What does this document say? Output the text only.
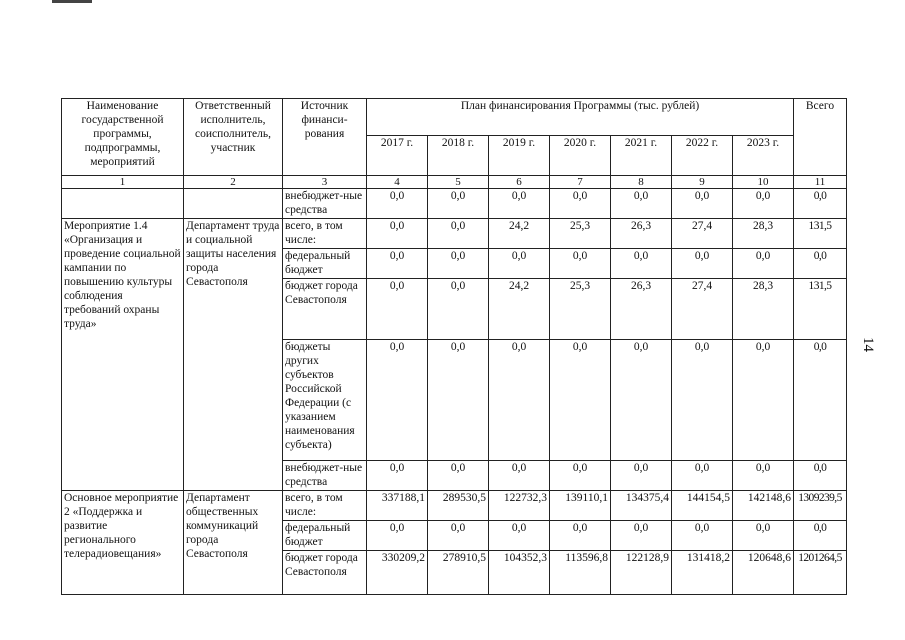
Наименование государственной программы, подпрограммы, мероприятий	Ответственный исполнитель, соисполнитель, участник	Источник финанси-рования	План финансирования Программы (тыс. рублей)							Всего
			2017 г.	2018 г.	2019 г.	2020 г.	2021 г.	2022 г.	2023 г.	
1	2	3	4	5	6	7	8	9	10	11
		внебюджет-ные средства	0,0	0,0	0,0	0,0	0,0	0,0	0,0	0,0
Мероприятие 1.4 «Организация и проведение социальной кампании по повышению культуры соблюдения требований охраны труда»	Департамент труда и социальной защиты населения города Севастополя	всего, в том числе:	0,0	0,0	24,2	25,3	26,3	27,4	28,3	131,5
		федеральный бюджет	0,0	0,0	0,0	0,0	0,0	0,0	0,0	0,0
		бюджет города Севастополя	0,0	0,0	24,2	25,3	26,3	27,4	28,3	131,5
		бюджеты других субъектов Российской Федерации (с указанием наименования субъекта)	0,0	0,0	0,0	0,0	0,0	0,0	0,0	0,0
		внебюджет-ные средства	0,0	0,0	0,0	0,0	0,0	0,0	0,0	0,0
Основное мероприятие 2 «Поддержка и развитие регионального телерадиовещания»	Департамент общественных коммуникаций города Севастополя	всего, в том числе:	337188,1	289530,5	122732,3	139110,1	134375,4	144154,5	142148,6	1309239,5
		федеральный бюджет	0,0	0,0	0,0	0,0	0,0	0,0	0,0	0,0
		бюджет города Севастополя	330209,2	278910,5	104352,3	113596,8	122128,9	131418,2	120648,6	1201264,5
14
